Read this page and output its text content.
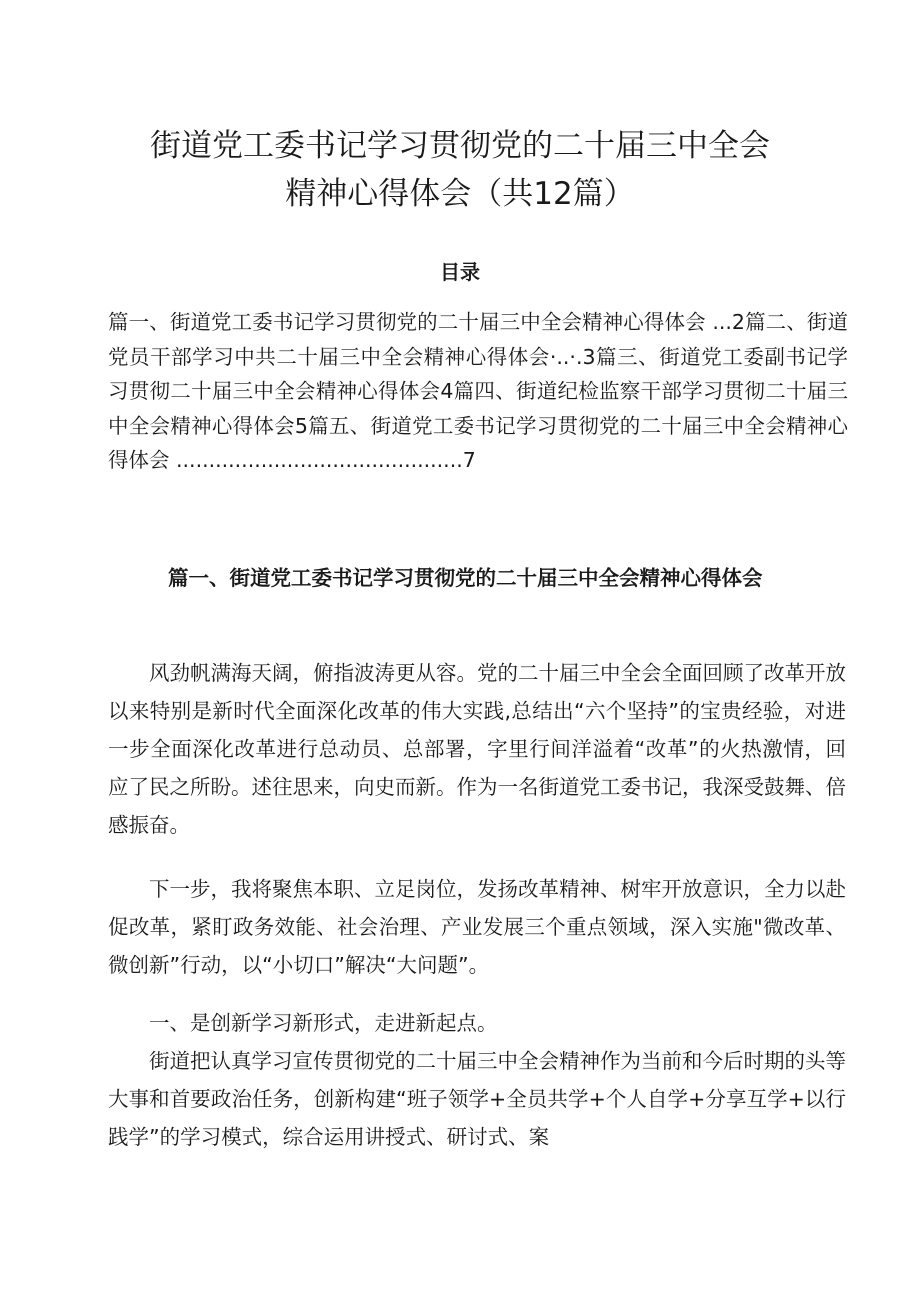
街道党工委书记学习贯彻党的二十届三中全会
精神心得体会（共12篇）
目录

篇一、街道党工委书记学习贯彻党的二十届三中全会精神心得体会 ...2篇二、街道党员干部学习中共二十届三中全会精神心得体会·..·.3篇三、街道党工委副书记学习贯彻二十届三中全会精神心得体会4篇四、街道纪检监察干部学习贯彻二十届三中全会精神心得体会5篇五、街道党工委书记学习贯彻党的二十届三中全会精神心得体会 ............................................7

篇一、街道党工委书记学习贯彻党的二十届三中全会精神心得体会

风劲帆满海天阔，俯指波涛更从容。党的二十届三中全会全面回顾了改革开放以来特别是新时代全面深化改革的伟大实践,总结出“六个坚持”的宝贵经验，对进一步全面深化改革进行总动员、总部署，字里行间洋溢着“改革”的火热激情，回应了民之所盼。述往思来，向史而新。作为一名街道党工委书记，我深受鼓舞、倍感振奋。

下一步，我将聚焦本职、立足岗位，发扬改革精神、树牢开放意识，全力以赴促改革，紧盯政务效能、社会治理、产业发展三个重点领域，深入实施"微改革、微创新”行动，以“小切口”解决“大问题”。

一、是创新学习新形式，走进新起点。

街道把认真学习宣传贯彻党的二十届三中全会精神作为当前和今后时期的头等大事和首要政治任务，创新构建“班子领学+全员共学+个人自学+分享互学+以行践学”的学习模式，综合运用讲授式、研讨式、案
